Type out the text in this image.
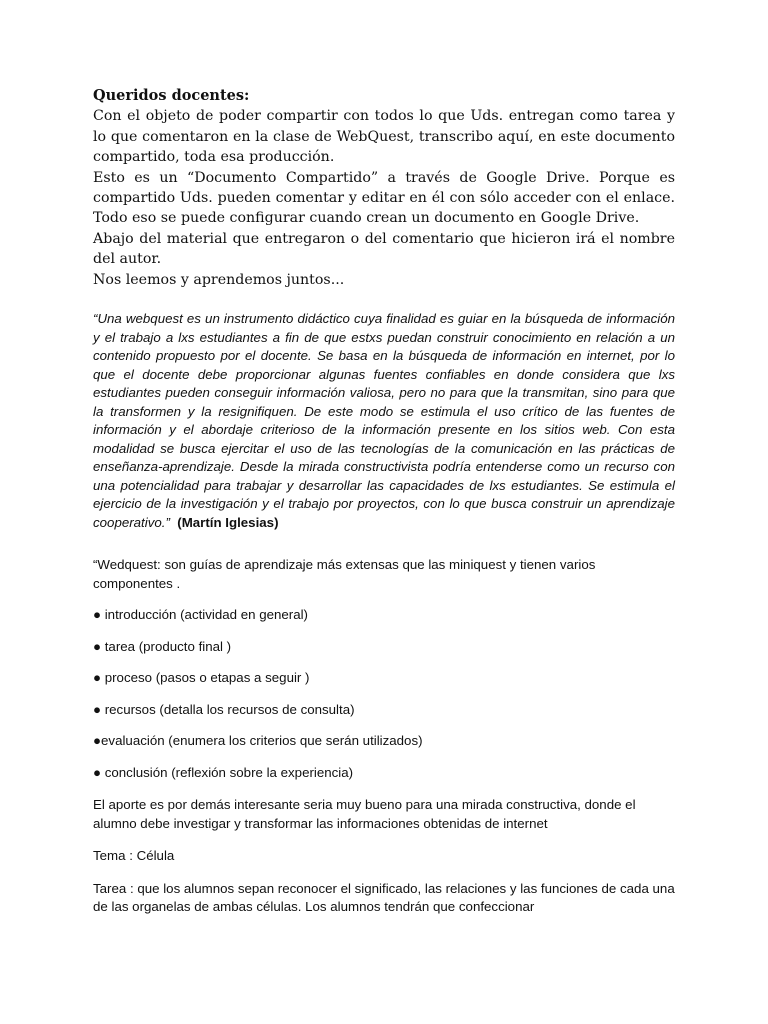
Queridos docentes:

Con el objeto de poder compartir con todos lo que Uds. entregan como tarea y lo que comentaron en la clase de WebQuest, transcribo aquí, en este documento compartido, toda esa producción.

Esto es un “Documento Compartido” a través de Google Drive. Porque es compartido Uds. pueden comentar y editar en él con sólo acceder con el enlace. Todo eso se puede configurar cuando crean un documento en Google Drive.

Abajo del material que entregaron o del comentario que hicieron irá el nombre del autor.

Nos leemos y aprendemos juntos...

“Una webquest es un instrumento didáctico cuya finalidad es guiar en la búsqueda de información y el trabajo a lxs estudiantes a fin de que estxs puedan construir conocimiento en relación a un contenido propuesto por el docente. Se basa en la búsqueda de información en internet, por lo que el docente debe proporcionar algunas fuentes confiables en donde considera que lxs estudiantes pueden conseguir información valiosa, pero no para que la transmitan, sino para que la transformen y la resignifiquen. De este modo se estimula el uso crítico de las fuentes de información y el abordaje criterioso de la información presente en los sitios web. Con esta modalidad se busca ejercitar el uso de las tecnologías de la comunicación en las prácticas de enseñanza-aprendizaje. Desde la mirada constructivista podría entenderse como un recurso con una potencialidad para trabajar y desarrollar las capacidades de lxs estudiantes. Se estimula el ejercicio de la investigación y el trabajo por proyectos, con lo que busca construir un aprendizaje cooperativo.” (Martín Iglesias)

“Wedquest: son guías de aprendizaje más extensas que las miniquest y tienen varios componentes .

● introducción (actividad en general)

● tarea (producto final )

● proceso (pasos o etapas a seguir )

● recursos (detalla los recursos de consulta)

●evaluación (enumera los criterios que serán utilizados)

● conclusión (reflexión sobre la experiencia)

El aporte es por demás interesante seria muy bueno para una mirada constructiva, donde el alumno debe investigar y transformar las informaciones obtenidas de internet

Tema : Célula

Tarea : que los alumnos sepan reconocer el significado, las relaciones y las funciones de cada una de las organelas de ambas células. Los alumnos tendrán que confeccionar
